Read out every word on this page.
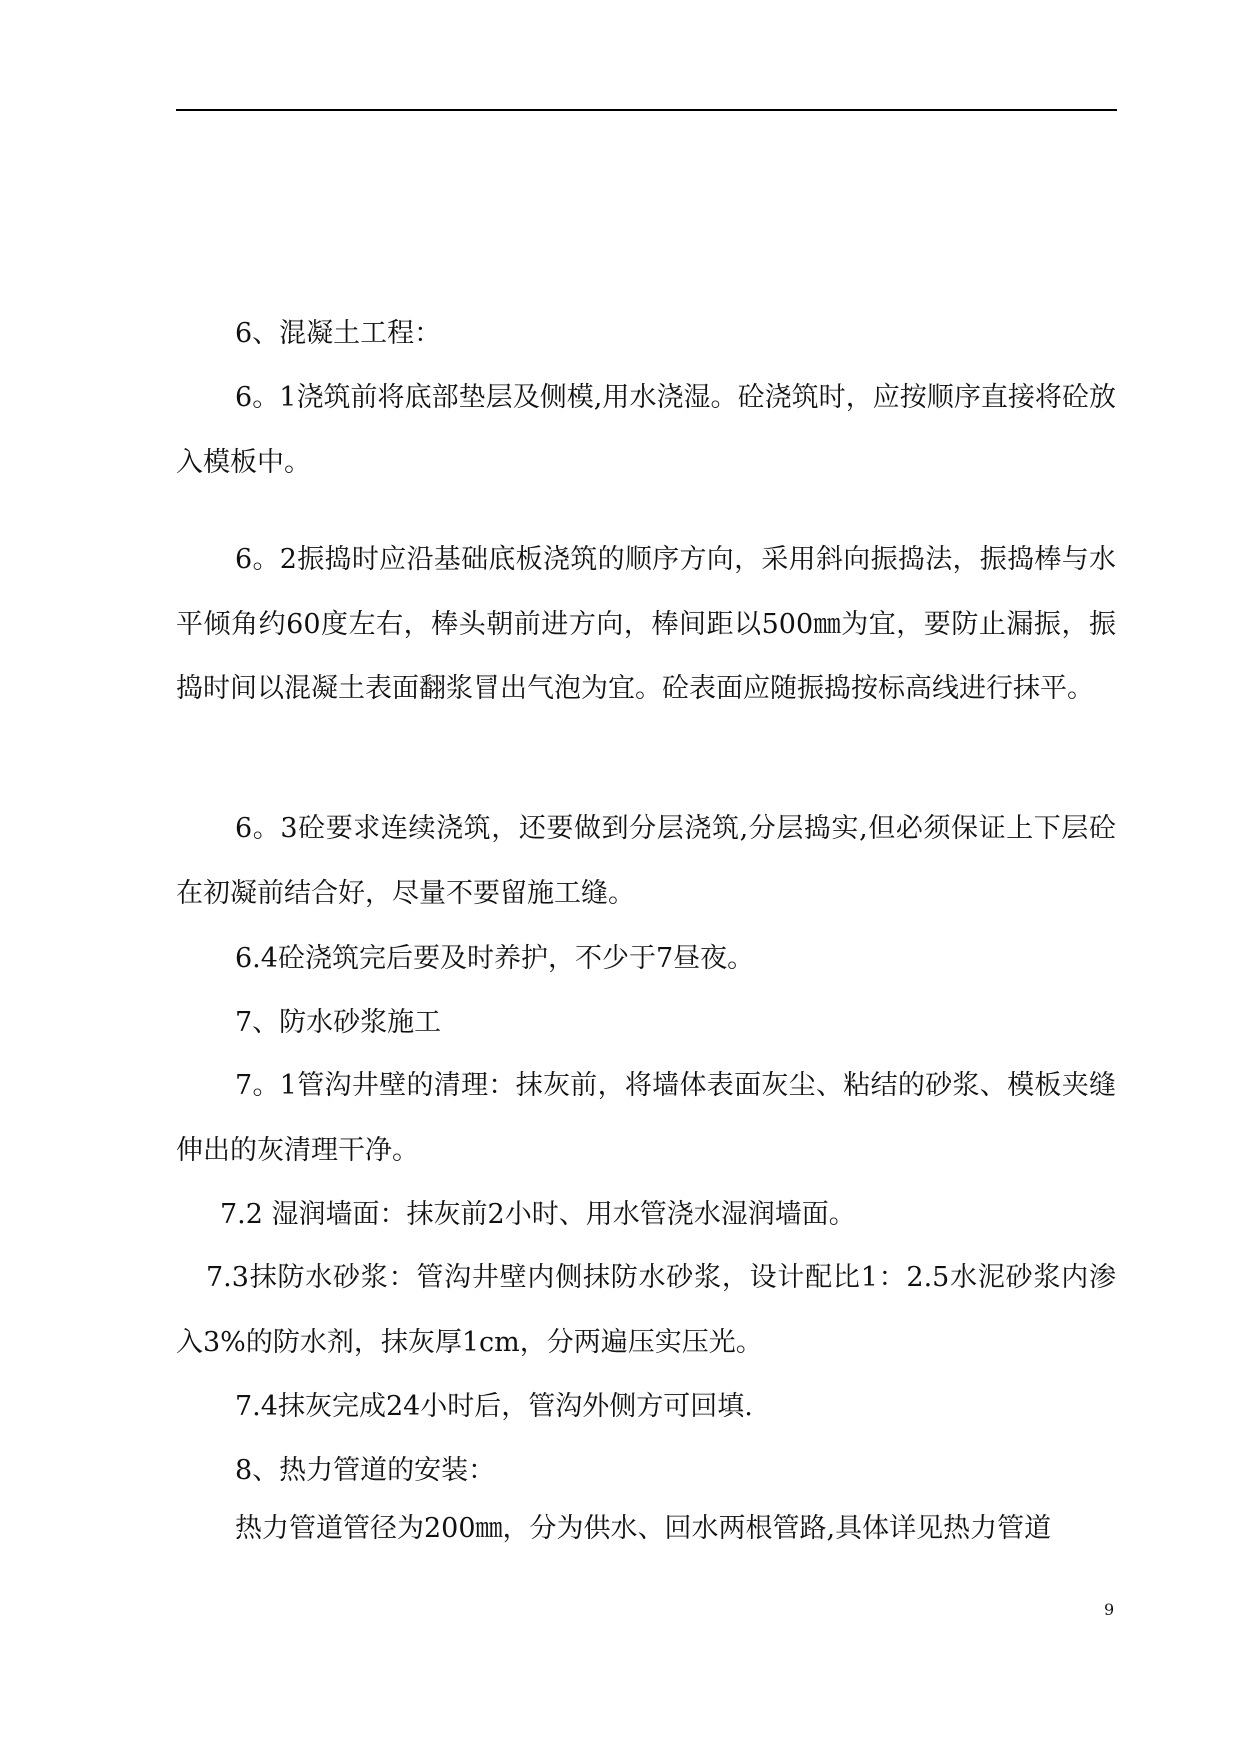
6、混凝土工程：

6。1浇筑前将底部垫层及侧模,用水浇湿。砼浇筑时，应按顺序直接将砼放入模板中。

6。2振捣时应沿基础底板浇筑的顺序方向，采用斜向振捣法，振捣棒与水平倾角约60度左右，棒头朝前进方向，棒间距以500㎜为宜，要防止漏振，振捣时间以混凝土表面翻浆冒出气泡为宜。砼表面应随振捣按标高线进行抹平。

6。3砼要求连续浇筑，还要做到分层浇筑,分层捣实,但必须保证上下层砼在初凝前结合好，尽量不要留施工缝。

6.4砼浇筑完后要及时养护，不少于7昼夜。

7、防水砂浆施工

7。1管沟井壁的清理：抹灰前，将墙体表面灰尘、粘结的砂浆、模板夹缝伸出的灰清理干净。

7.2 湿润墙面：抹灰前2小时、用水管浇水湿润墙面。

7.3抹防水砂浆：管沟井壁内侧抹防水砂浆，设计配比1：2.5水泥砂浆内渗入3%的防水剂，抹灰厚1cm，分两遍压实压光。

7.4抹灰完成24小时后，管沟外侧方可回填.

8、热力管道的安装：

热力管道管径为200㎜，分为供水、回水两根管路,具体详见热力管道

9
